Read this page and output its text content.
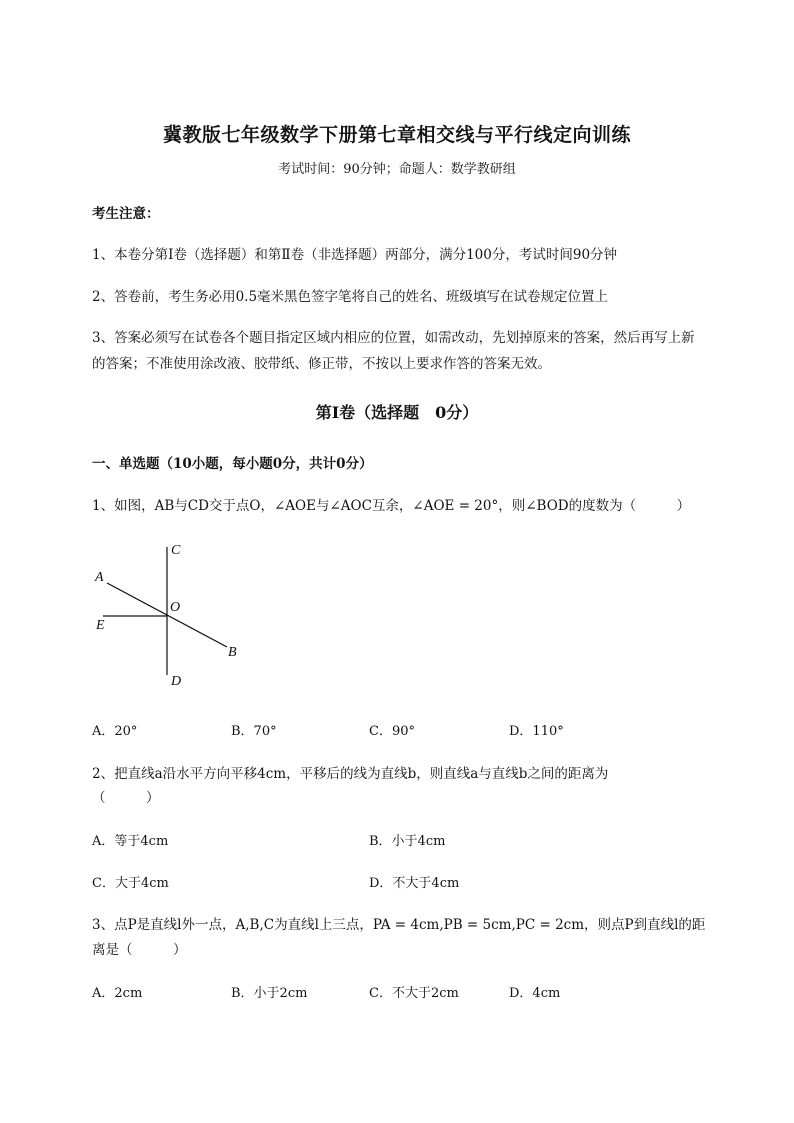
冀教版七年级数学下册第七章相交线与平行线定向训练
考试时间：90分钟；命题人：数学教研组
考生注意：
1、本卷分第I卷（选择题）和第Ⅱ卷（非选择题）两部分，满分100分，考试时间90分钟
2、答卷前，考生务必用0.5毫米黑色签字笔将自己的姓名、班级填写在试卷规定位置上
3、答案必须写在试卷各个题目指定区域内相应的位置，如需改动，先划掉原来的答案，然后再写上新
的答案；不准使用涂改液、胶带纸、修正带，不按以上要求作答的答案无效。
第I卷（选择题　0分）
一、单选题（10小题，每小题0分，共计0分）
1、如图，AB与CD交于点O，∠AOE与∠AOC互余，∠AOE = 20°，则∠BOD的度数为（　　　）
C
A
O
E
B
D
A．20°	B．70°	C．90°	D．110°
2、把直线a沿水平方向平移4cm，平移后的线为直线b，则直线a与直线b之间的距离为
（　　　）
A．等于4cm	B．小于4cm
C．大于4cm	D．不大于4cm
3、点P是直线l外一点，A,B,C为直线l上三点，PA = 4cm,PB = 5cm,PC = 2cm，则点P到直线l的距
离是（　　　）
A．2cm	B．小于2cm	C．不大于2cm	D．4cm
